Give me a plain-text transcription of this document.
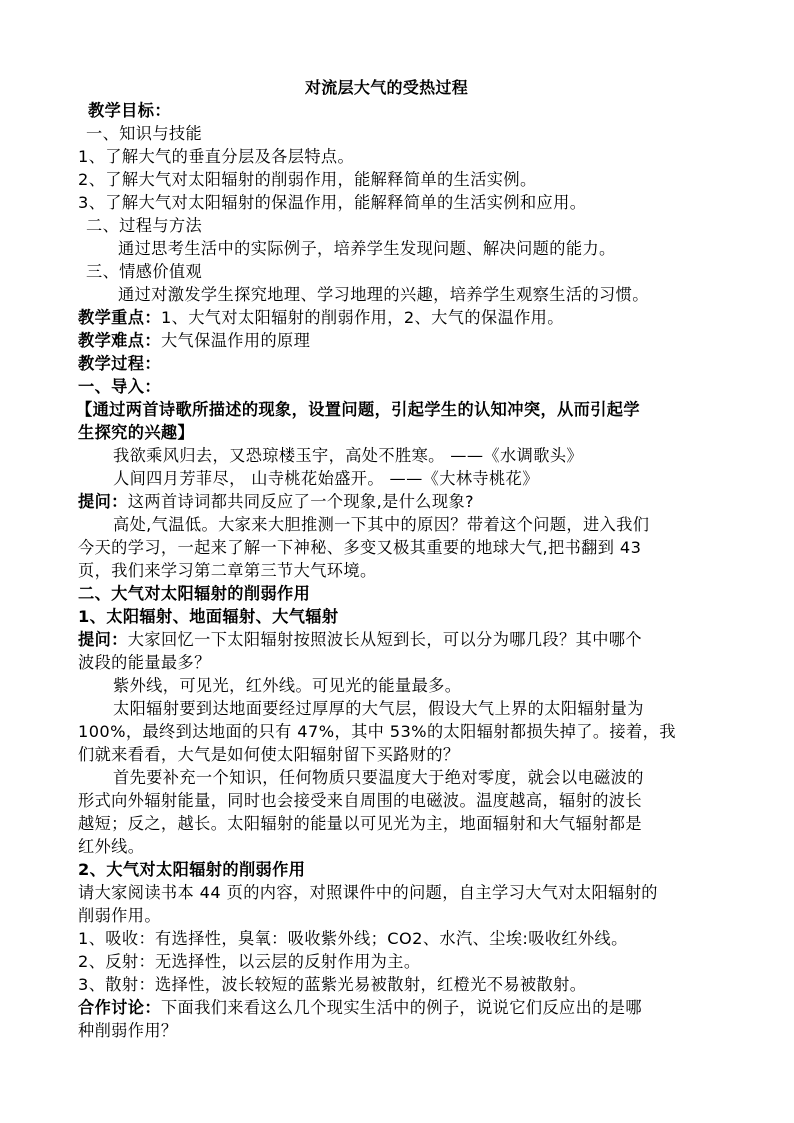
对流层大气的受热过程
教学目标：
一、知识与技能
1、了解大气的垂直分层及各层特点。
2、了解大气对太阳辐射的削弱作用，能解释简单的生活实例。
3、了解大气对太阳辐射的保温作用，能解释简单的生活实例和应用。
二、过程与方法
通过思考生活中的实际例子，培养学生发现问题、解决问题的能力。
三、情感价值观
通过对激发学生探究地理、学习地理的兴趣，培养学生观察生活的习惯。
教学重点：1、大气对太阳辐射的削弱作用，2、大气的保温作用。
教学难点：大气保温作用的原理
教学过程：
一、导入：
【通过两首诗歌所描述的现象，设置问题，引起学生的认知冲突，从而引起学
生探究的兴趣】
我欲乘风归去，又恐琼楼玉宇，高处不胜寒。 ——《水调歌头》
人间四月芳菲尽， 山寺桃花始盛开。 ——《大林寺桃花》
提问：这两首诗词都共同反应了一个现象,是什么现象?
高处,气温低。大家来大胆推测一下其中的原因？带着这个问题，进入我们
今天的学习，一起来了解一下神秘、多变又极其重要的地球大气,把书翻到 43
页，我们来学习第二章第三节大气环境。
二、大气对太阳辐射的削弱作用
1、太阳辐射、地面辐射、大气辐射
提问：大家回忆一下太阳辐射按照波长从短到长，可以分为哪几段？其中哪个
波段的能量最多？
紫外线，可见光，红外线。可见光的能量最多。
太阳辐射要到达地面要经过厚厚的大气层，假设大气上界的太阳辐射量为
100%，最终到达地面的只有 47%，其中 53%的太阳辐射都损失掉了。接着，我
们就来看看，大气是如何使太阳辐射留下买路财的？
首先要补充一个知识，任何物质只要温度大于绝对零度，就会以电磁波的
形式向外辐射能量，同时也会接受来自周围的电磁波。温度越高，辐射的波长
越短；反之，越长。太阳辐射的能量以可见光为主，地面辐射和大气辐射都是
红外线。
2、大气对太阳辐射的削弱作用
请大家阅读书本 44 页的内容，对照课件中的问题，自主学习大气对太阳辐射的
削弱作用。
1、吸收：有选择性，臭氧：吸收紫外线；CO2、水汽、尘埃:吸收红外线。
2、反射：无选择性，以云层的反射作用为主。
3、散射：选择性，波长较短的蓝紫光易被散射，红橙光不易被散射。
合作讨论：下面我们来看这么几个现实生活中的例子，说说它们反应出的是哪
种削弱作用？
